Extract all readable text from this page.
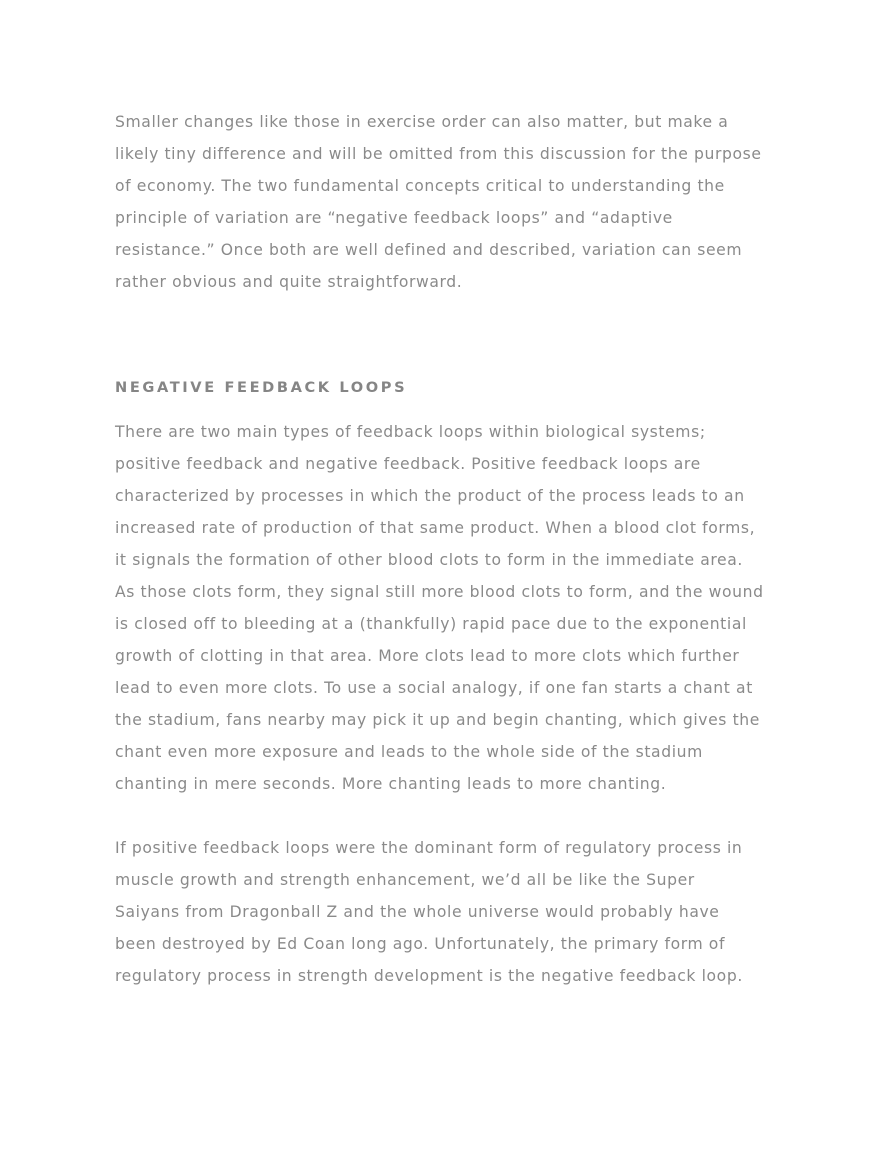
Smaller changes like those in exercise order can also matter, but make a likely tiny difference and will be omitted from this discussion for the purpose of economy. The two fundamental concepts critical to understanding the principle of variation are “negative feedback loops” and “adaptive resistance.” Once both are well defined and described, variation can seem rather obvious and quite straightforward.

NEGATIVE FEEDBACK LOOPS

There are two main types of feedback loops within biological systems; positive feedback and negative feedback. Positive feedback loops are characterized by processes in which the product of the process leads to an increased rate of production of that same product. When a blood clot forms, it signals the formation of other blood clots to form in the immediate area. As those clots form, they signal still more blood clots to form, and the wound is closed off to bleeding at a (thankfully) rapid pace due to the exponential growth of clotting in that area. More clots lead to more clots which further lead to even more clots. To use a social analogy, if one fan starts a chant at the stadium, fans nearby may pick it up and begin chanting, which gives the chant even more exposure and leads to the whole side of the stadium chanting in mere seconds. More chanting leads to more chanting.

If positive feedback loops were the dominant form of regulatory process in muscle growth and strength enhancement, we’d all be like the Super Saiyans from Dragonball Z and the whole universe would probably have been destroyed by Ed Coan long ago. Unfortunately, the primary form of regulatory process in strength development is the negative feedback loop.
